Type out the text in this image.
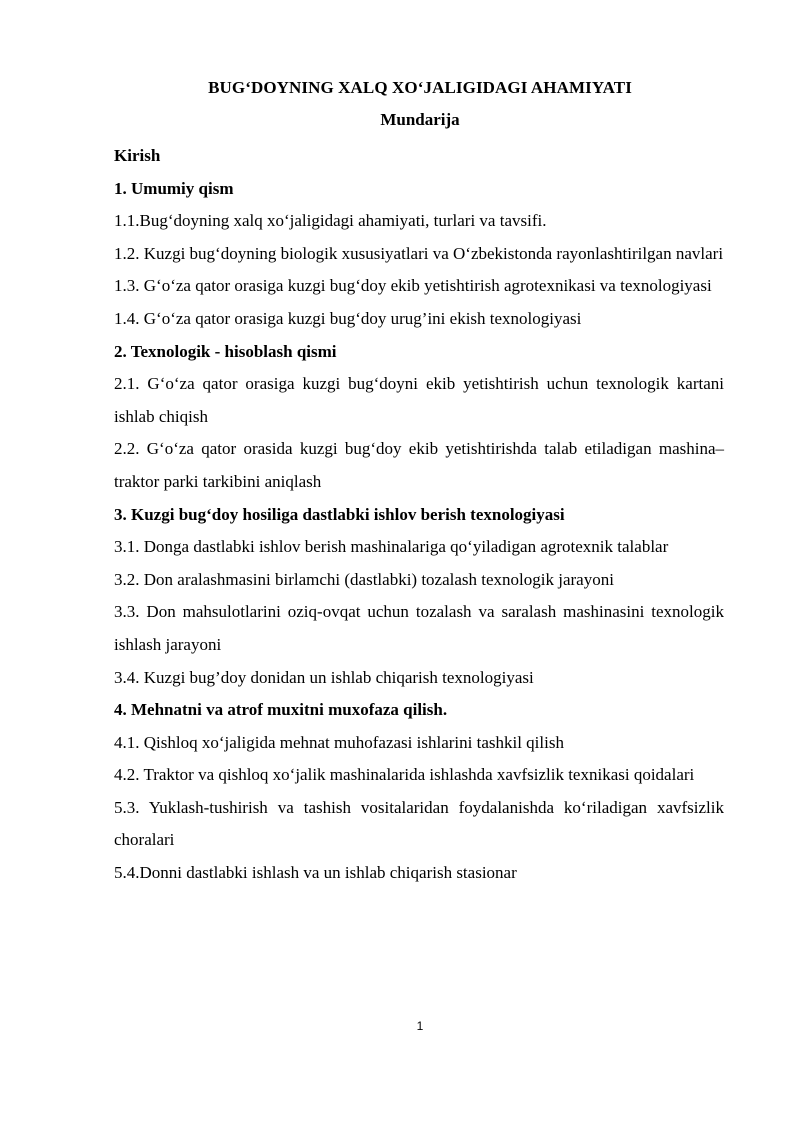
BUG‘DOYNING XALQ XO‘JALIGIDAGI AHAMIYATI
Mundarija

Kirish

1. Umumiy qism

1.1.Bug‘doyning xalq xo‘jaligidagi ahamiyati, turlari va tavsifi.

1.2. Kuzgi bug‘doyning biologik xususiyatlari va O‘zbekistonda rayonlashtirilgan navlari

1.3. G‘o‘za qator orasiga kuzgi bug‘doy ekib yetishtirish agrotexnikasi va texnologiyasi

1.4. G‘o‘za qator orasiga kuzgi bug‘doy urug’ini ekish texnologiyasi

2. Texnologik - hisoblash qismi

2.1. G‘o‘za qator orasiga kuzgi bug‘doyni ekib yetishtirish uchun texnologik kartani ishlab chiqish

2.2. G‘o‘za qator orasida kuzgi bug‘doy ekib yetishtirishda talab etiladigan mashina–traktor parki tarkibini aniqlash

3. Kuzgi bug‘doy hosiliga dastlabki ishlov berish texnologiyasi

3.1. Donga dastlabki ishlov berish mashinalariga qo‘yiladigan agrotexnik talablar

3.2. Don aralashmasini birlamchi (dastlabki) tozalash texnologik jarayoni

3.3. Don mahsulotlarini oziq-ovqat uchun tozalash va saralash mashinasini texnologik ishlash jarayoni

3.4. Kuzgi bug’doy donidan un ishlab chiqarish texnologiyasi

4. Mehnatni va atrof muxitni muxofaza qilish.

4.1. Qishloq xo‘jaligida mehnat muhofazasi ishlarini tashkil qilish

4.2. Traktor va qishloq xo‘jalik mashinalarida ishlashda xavfsizlik texnikasi qoidalari

5.3. Yuklash-tushirish va tashish vositalaridan foydalanishda ko‘riladigan xavfsizlik choralari

5.4.Donni dastlabki ishlash va un ishlab chiqarish stasionar

1
